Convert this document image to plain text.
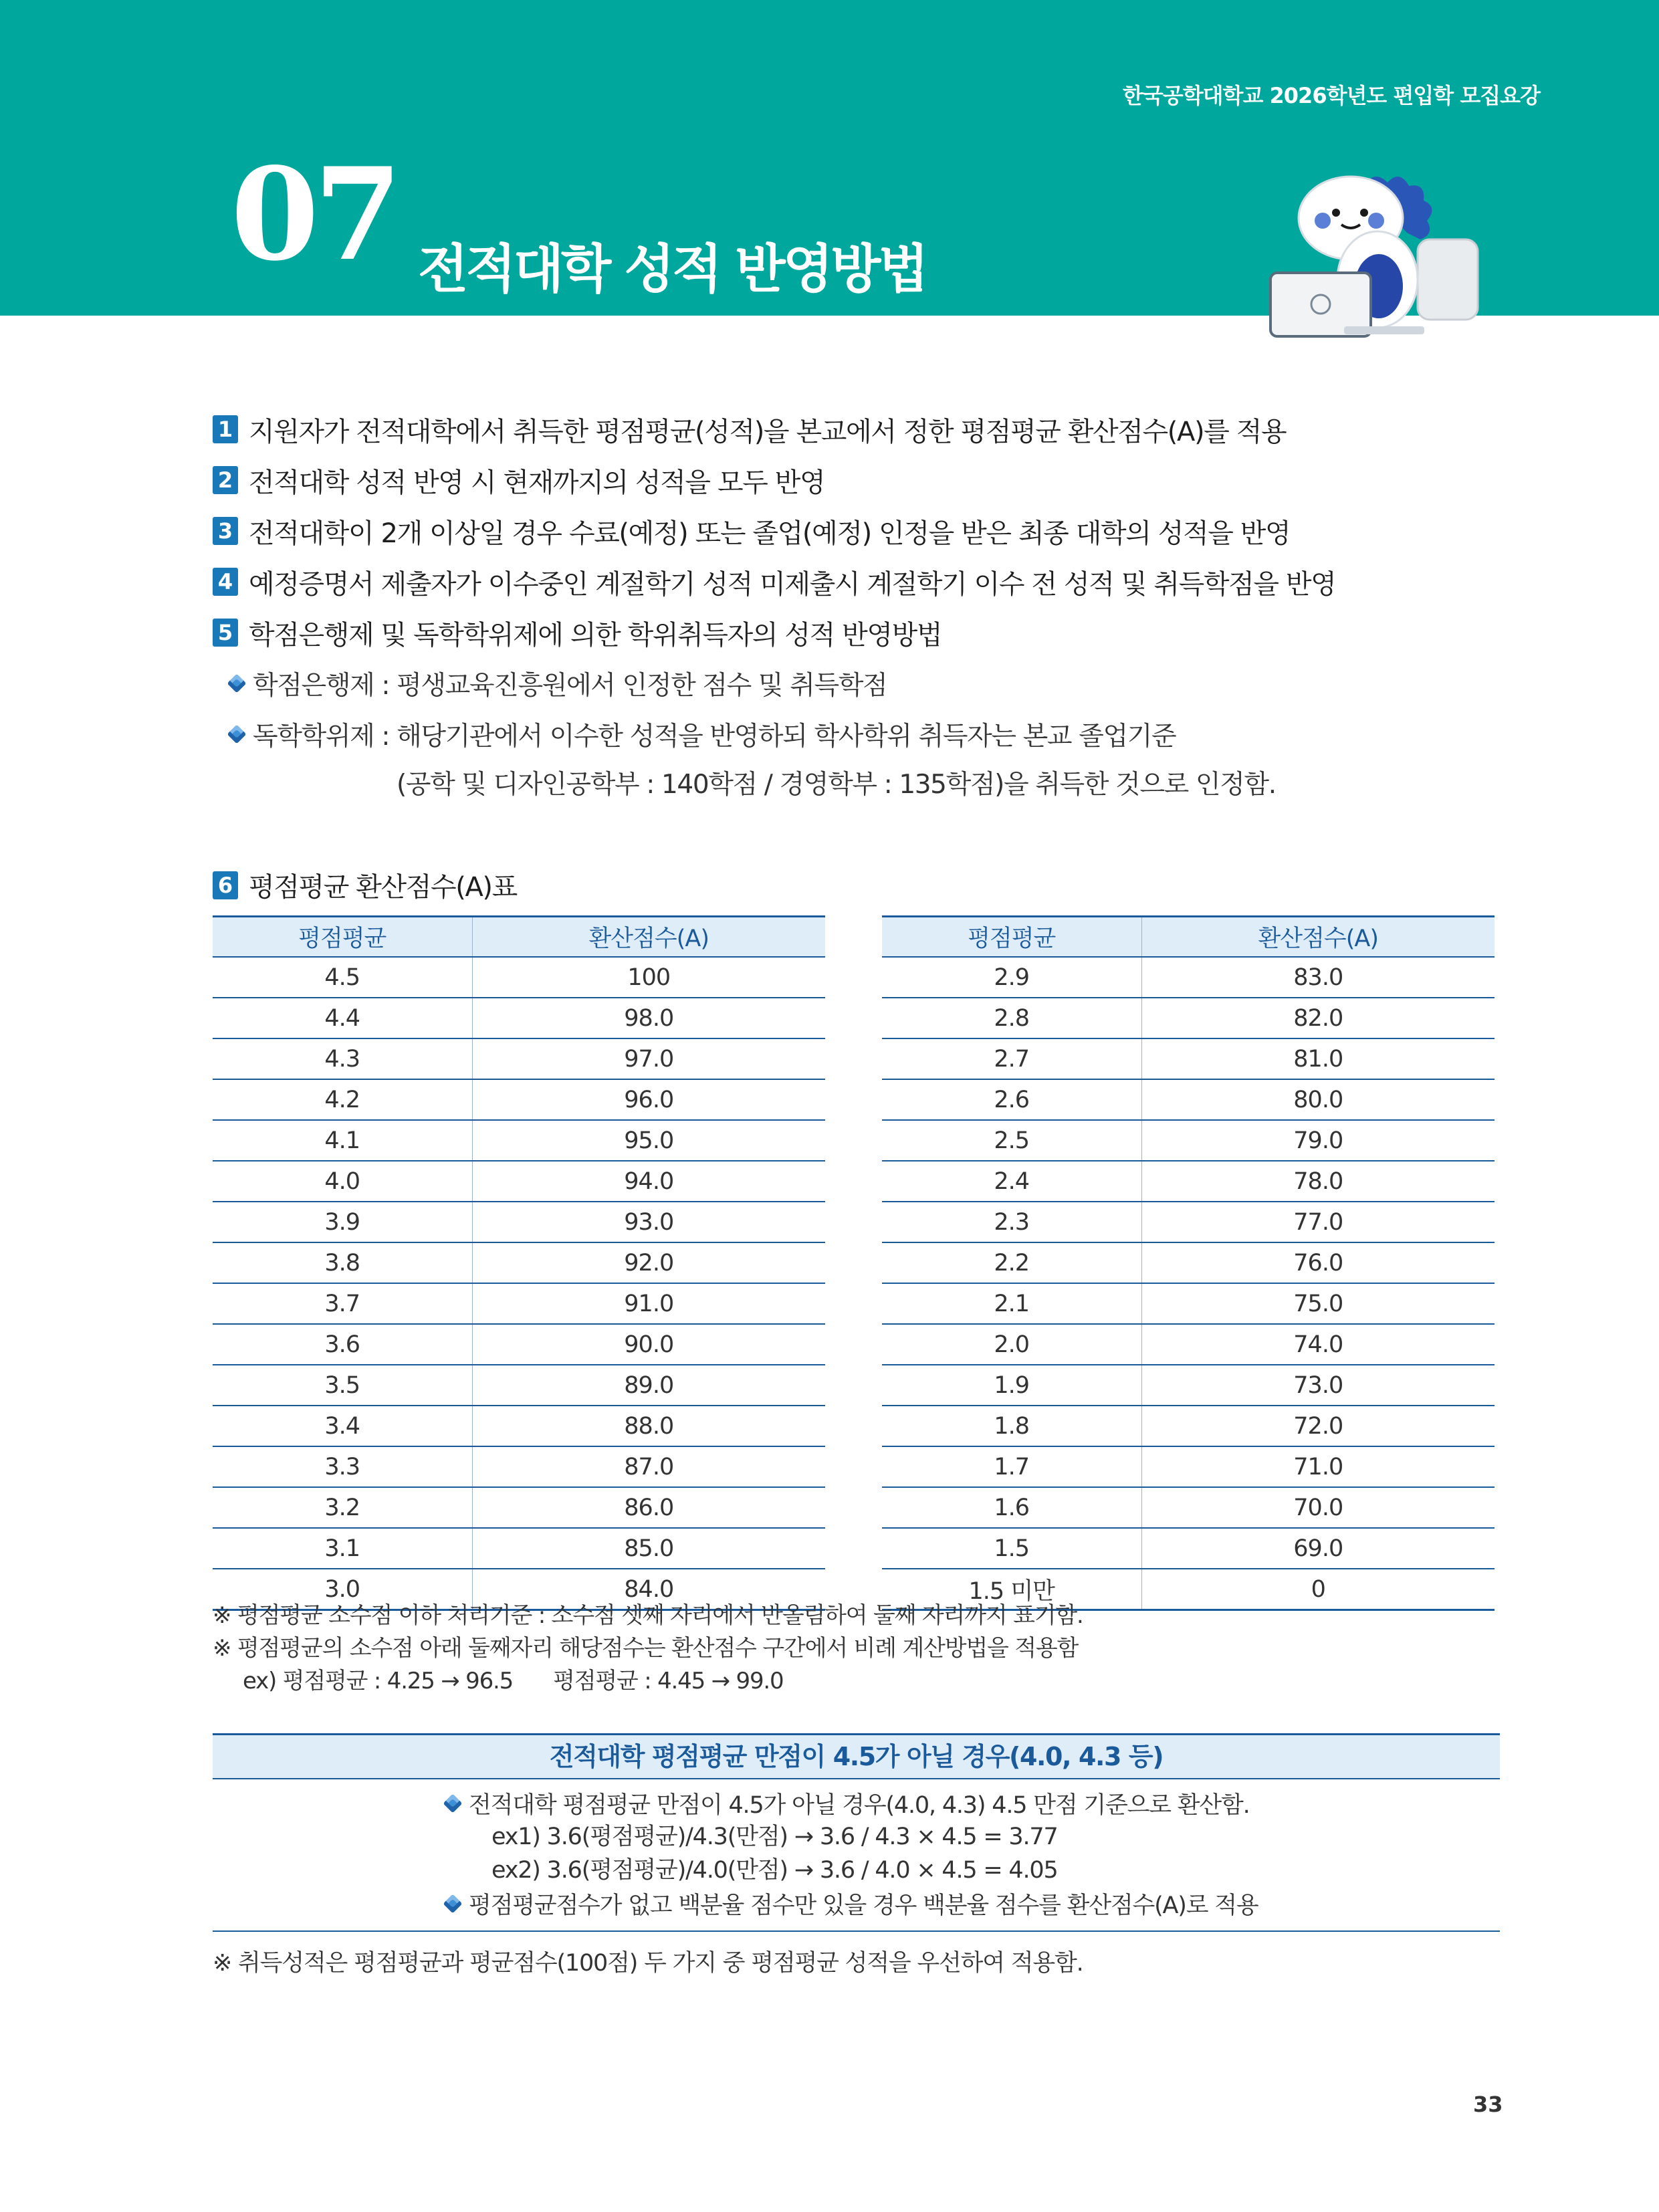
한국공학대학교 2026학년도 편입학 모집요강
07 전적대학 성적 반영방법
1 지원자가 전적대학에서 취득한 평점평균(성적)을 본교에서 정한 평점평균 환산점수(A)를 적용
2 전적대학 성적 반영 시 현재까지의 성적을 모두 반영
3 전적대학이 2개 이상일 경우 수료(예정) 또는 졸업(예정) 인정을 받은 최종 대학의 성적을 반영
4 예정증명서 제출자가 이수중인 계절학기 성적 미제출시 계절학기 이수 전 성적 및 취득학점을 반영
5 학점은행제 및 독학학위제에 의한 학위취득자의 성적 반영방법
학점은행제 : 평생교육진흥원에서 인정한 점수 및 취득학점
독학학위제 : 해당기관에서 이수한 성적을 반영하되 학사학위 취득자는 본교 졸업기준
(공학 및 디자인공학부 : 140학점 / 경영학부 : 135학점)을 취득한 것으로 인정함.
6 평점평균 환산점수(A)표
평점평균	환산점수(A)
4.5	100
4.4	98.0
4.3	97.0
4.2	96.0
4.1	95.0
4.0	94.0
3.9	93.0
3.8	92.0
3.7	91.0
3.6	90.0
3.5	89.0
3.4	88.0
3.3	87.0
3.2	86.0
3.1	85.0
3.0	84.0
평점평균	환산점수(A)
2.9	83.0
2.8	82.0
2.7	81.0
2.6	80.0
2.5	79.0
2.4	78.0
2.3	77.0
2.2	76.0
2.1	75.0
2.0	74.0
1.9	73.0
1.8	72.0
1.7	71.0
1.6	70.0
1.5	69.0
1.5 미만	0
※ 평점평균 소수점 이하 처리기준 : 소수점 셋째 자리에서 반올림하여 둘째 자리까지 표기함.
※ 평점평균의 소수점 아래 둘째자리 해당점수는 환산점수 구간에서 비례 계산방법을 적용함
ex) 평점평균 : 4.25 → 96.5 평점평균 : 4.45 → 99.0
전적대학 평점평균 만점이 4.5가 아닐 경우(4.0, 4.3 등)
전적대학 평점평균 만점이 4.5가 아닐 경우(4.0, 4.3) 4.5 만점 기준으로 환산함.
ex1) 3.6(평점평균)/4.3(만점) → 3.6 / 4.3 × 4.5 = 3.77
ex2) 3.6(평점평균)/4.0(만점) → 3.6 / 4.0 × 4.5 = 4.05
평점평균점수가 없고 백분율 점수만 있을 경우 백분율 점수를 환산점수(A)로 적용
※ 취득성적은 평점평균과 평균점수(100점) 두 가지 중 평점평균 성적을 우선하여 적용함.
33
